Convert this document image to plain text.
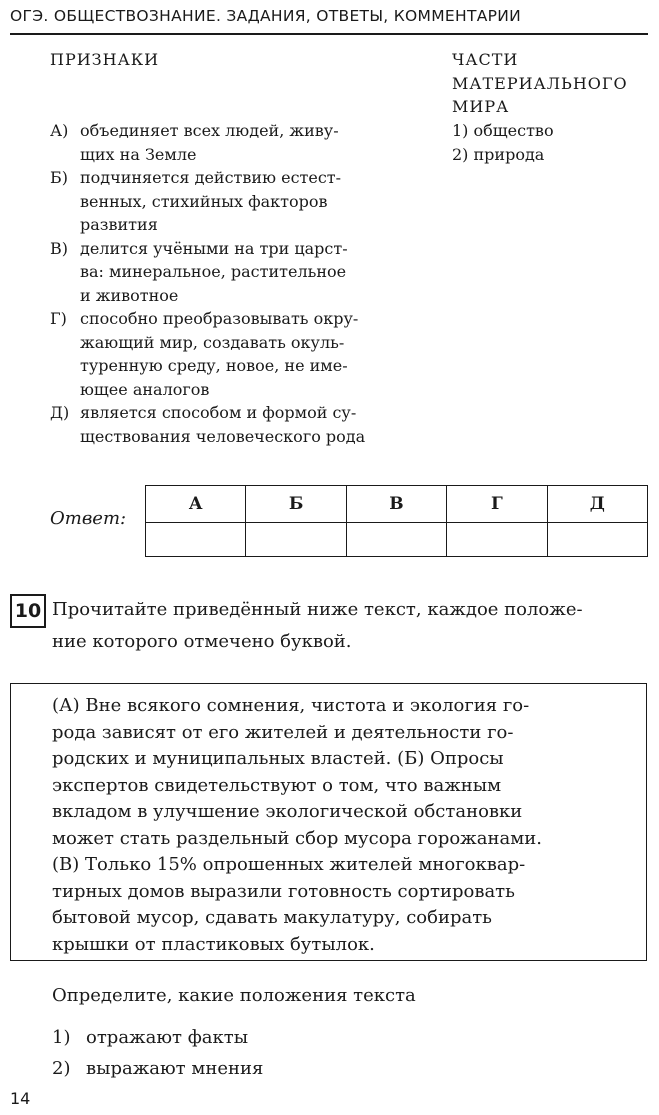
ОГЭ. ОБЩЕСТВОЗНАНИЕ. ЗАДАНИЯ, ОТВЕТЫ, КОММЕНТАРИИ
ПРИЗНАКИ	ЧАСТИ
МАТЕРИАЛЬНОГО
МИРА
А) объединяет всех людей, живу-
щих на Земле
Б) подчиняется действию естест-
венных, стихийных факторов
развития
В) делится учёными на три царст-
ва: минеральное, растительное
и животное
Г) способно преобразовывать окру-
жающий мир, создавать окуль-
туренную среду, новое, не име-
ющее аналогов
Д) является способом и формой су-
ществования человеческого рода
1) общество
2) природа
Ответ:
А	Б	В	Г	Д

10 Прочитайте приведённый ниже текст, каждое положе-
ние которого отмечено буквой.
(А) Вне всякого сомнения, чистота и экология го-
рода зависят от его жителей и деятельности го-
родских и муниципальных властей. (Б) Опросы
экспертов свидетельствуют о том, что важным
вкладом в улучшение экологической обстановки
может стать раздельный сбор мусора горожанами.
(В) Только 15% опрошенных жителей многоквар-
тирных домов выразили готовность сортировать
бытовой мусор, сдавать макулатуру, собирать
крышки от пластиковых бутылок.
Определите, какие положения текста
1) отражают факты
2) выражают мнения
14
